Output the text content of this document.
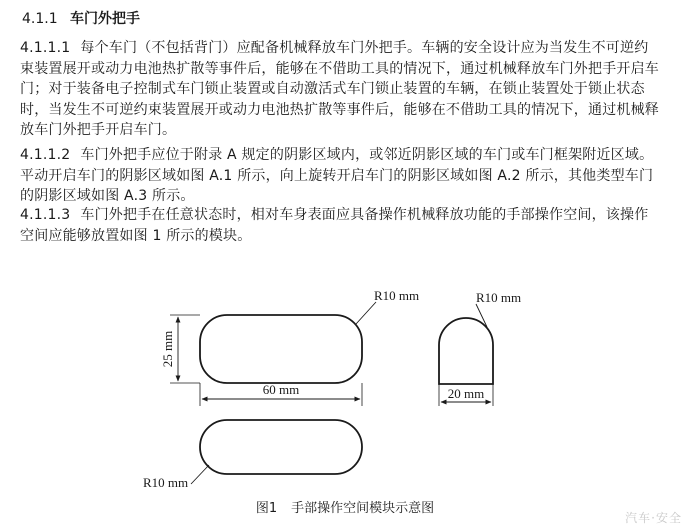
4.1.1 车门外把手
4.1.1.1 每个车门（不包括背门）应配备机械释放车门外把手。车辆的安全设计应为当发生不可逆约束装置展开或动力电池热扩散等事件后，能够在不借助工具的情况下，通过机械释放车门外把手开启车门；对于装备电子控制式车门锁止装置或自动激活式车门锁止装置的车辆，在锁止装置处于锁止状态时，当发生不可逆约束装置展开或动力电池热扩散等事件后，能够在不借助工具的情况下，通过机械释放车门外把手开启车门。
4.1.1.2 车门外把手应位于附录 A 规定的阴影区域内，或邻近阴影区域的车门或车门框架附近区域。平动开启车门的阴影区域如图 A.1 所示，向上旋转开启车门的阴影区域如图 A.2 所示，其他类型车门的阴影区域如图 A.3 所示。
4.1.1.3 车门外把手在任意状态时，相对车身表面应具备操作机械释放功能的手部操作空间，该操作空间应能够放置如图 1 所示的模块。
R10 mm
25 mm
60 mm
R10 mm
20 mm
R10 mm
图1 手部操作空间模块示意图
汽车·安全
